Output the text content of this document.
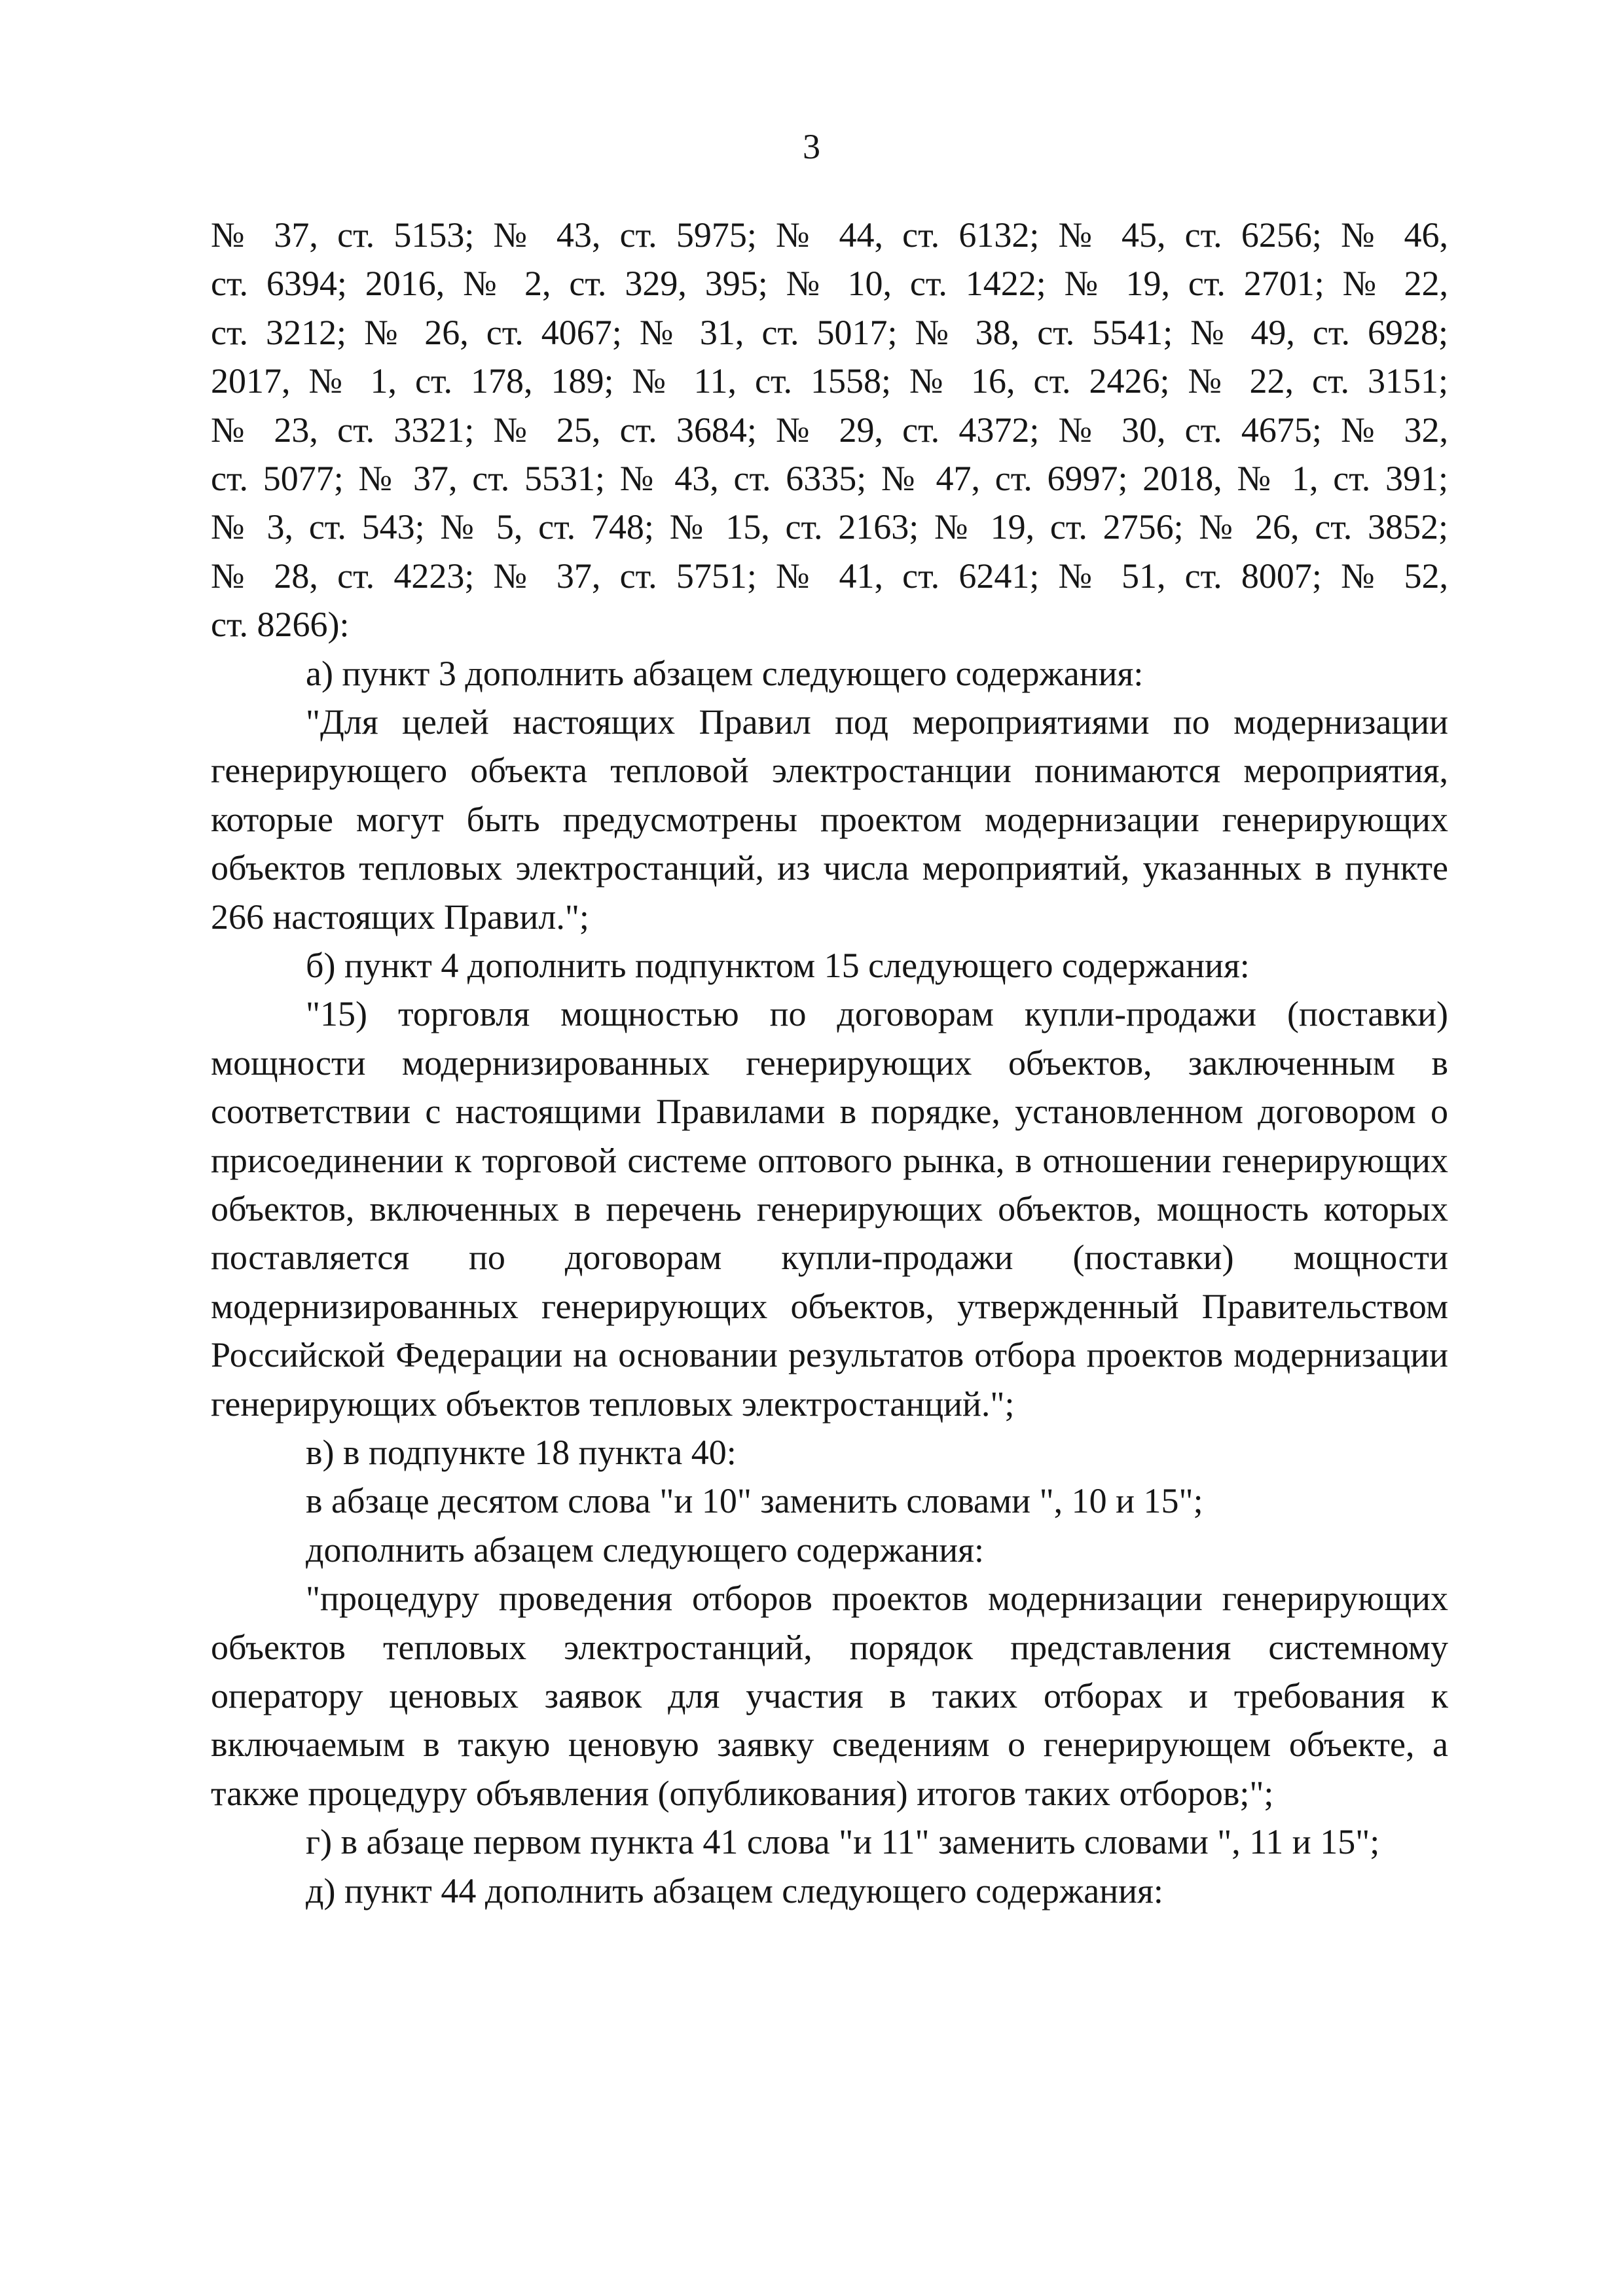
3
№ 37, ст. 5153; № 43, ст. 5975; № 44, ст. 6132; № 45, ст. 6256; № 46,
ст. 6394; 2016, № 2, ст. 329, 395; № 10, ст. 1422; № 19, ст. 2701; № 22,
ст. 3212; № 26, ст. 4067; № 31, ст. 5017; № 38, ст. 5541; № 49, ст. 6928;
2017, № 1, ст. 178, 189; № 11, ст. 1558; № 16, ст. 2426; № 22, ст. 3151;
№ 23, ст. 3321; № 25, ст. 3684; № 29, ст. 4372; № 30, ст. 4675; № 32,
ст. 5077; № 37, ст. 5531; № 43, ст. 6335; № 47, ст. 6997; 2018, № 1, ст. 391;
№ 3, ст. 543; № 5, ст. 748; № 15, ст. 2163; № 19, ст. 2756; № 26, ст. 3852;
№ 28, ст. 4223; № 37, ст. 5751; № 41, ст. 6241; № 51, ст. 8007; № 52,
ст. 8266):

а) пункт 3 дополнить абзацем следующего содержания:

"Для целей настоящих Правил под мероприятиями по модернизации генерирующего объекта тепловой электростанции понимаются мероприятия, которые могут быть предусмотрены проектом модернизации генерирующих объектов тепловых электростанций, из числа мероприятий, указанных в пункте 266 настоящих Правил.";

б) пункт 4 дополнить подпунктом 15 следующего содержания:

"15) торговля мощностью по договорам купли-продажи (поставки) мощности модернизированных генерирующих объектов, заключенным в соответствии с настоящими Правилами в порядке, установленном договором о присоединении к торговой системе оптового рынка, в отношении генерирующих объектов, включенных в перечень генерирующих объектов, мощность которых поставляется по договорам купли-продажи (поставки) мощности модернизированных генерирующих объектов, утвержденный Правительством Российской Федерации на основании результатов отбора проектов модернизации генерирующих объектов тепловых электростанций.";

в) в подпункте 18 пункта 40:

в абзаце десятом слова "и 10" заменить словами ", 10 и 15";

дополнить абзацем следующего содержания:

"процедуру проведения отборов проектов модернизации генерирующих объектов тепловых электростанций, порядок представления системному оператору ценовых заявок для участия в таких отборах и требования к включаемым в такую ценовую заявку сведениям о генерирующем объекте, а также процедуру объявления (опубликования) итогов таких отборов;";

г) в абзаце первом пункта 41 слова "и 11" заменить словами ", 11 и 15";

д) пункт 44 дополнить абзацем следующего содержания:
